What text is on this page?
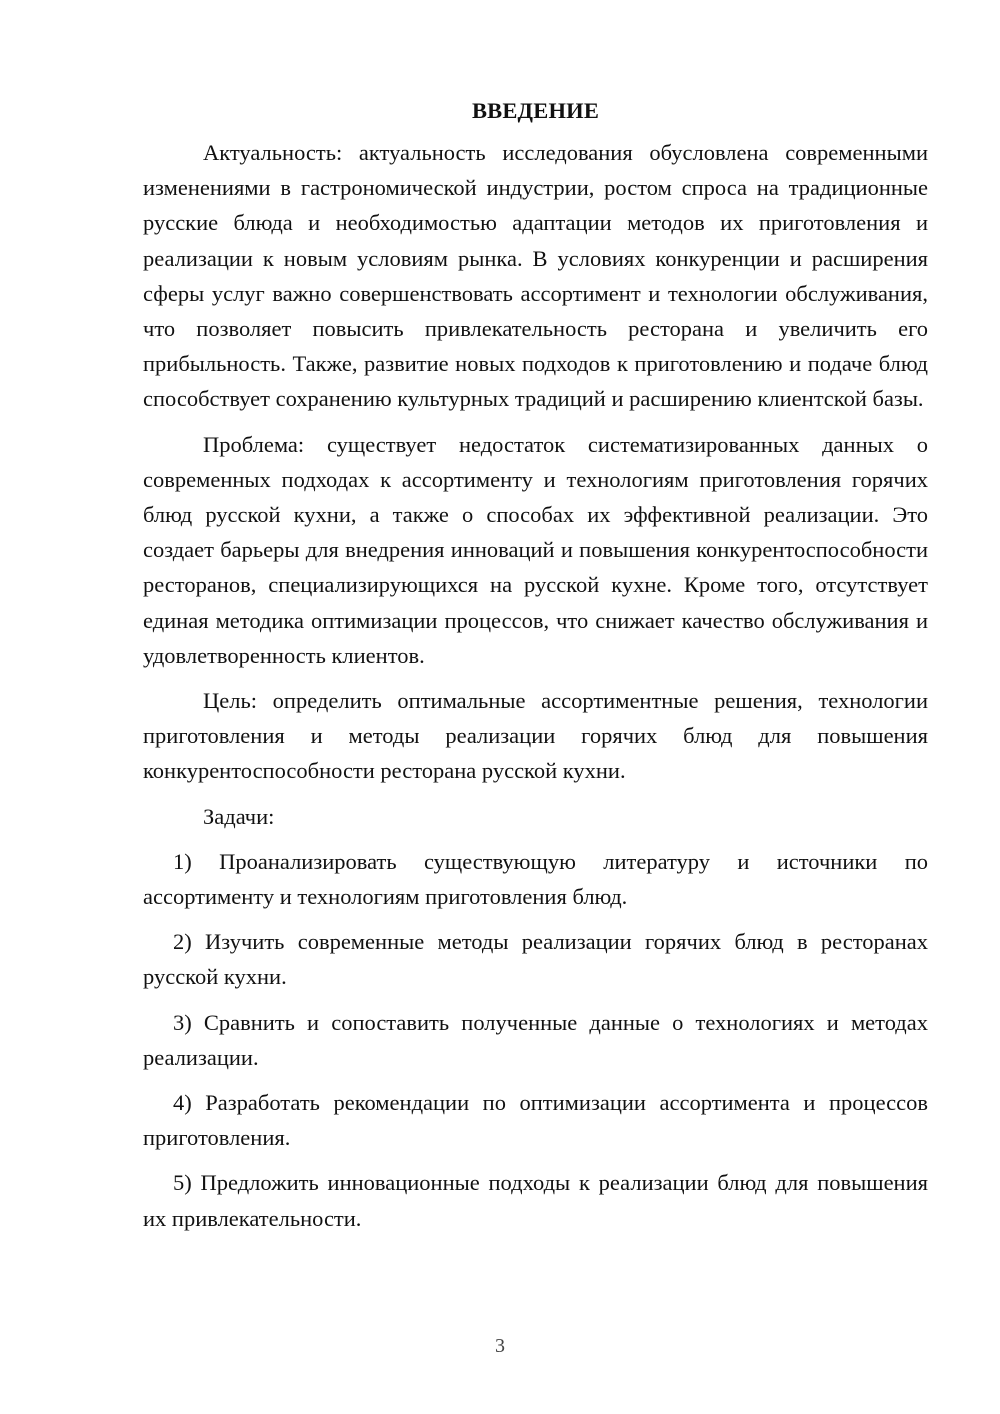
ВВЕДЕНИЕ

Актуальность: актуальность исследования обусловлена современными изменениями в гастрономической индустрии, ростом спроса на традиционные русские блюда и необходимостью адаптации методов их приготовления и реализации к новым условиям рынка. В условиях конкуренции и расширения сферы услуг важно совершенствовать ассортимент и технологии обслуживания, что позволяет повысить привлекательность ресторана и увеличить его прибыльность. Также, развитие новых подходов к приготовлению и подаче блюд способствует сохранению культурных традиций и расширению клиентской базы.

Проблема: существует недостаток систематизированных данных о современных подходах к ассортименту и технологиям приготовления горячих блюд русской кухни, а также о способах их эффективной реализации. Это создает барьеры для внедрения инноваций и повышения конкурентоспособности ресторанов, специализирующихся на русской кухне. Кроме того, отсутствует единая методика оптимизации процессов, что снижает качество обслуживания и удовлетворенность клиентов.

Цель: определить оптимальные ассортиментные решения, технологии приготовления и методы реализации горячих блюд для повышения конкурентоспособности ресторана русской кухни.

Задачи:

1) Проанализировать существующую литературу и источники по ассортименту и технологиям приготовления блюд.

2) Изучить современные методы реализации горячих блюд в ресторанах русской кухни.

3) Сравнить и сопоставить полученные данные о технологиях и методах реализации.

4) Разработать рекомендации по оптимизации ассортимента и процессов приготовления.

5) Предложить инновационные подходы к реализации блюд для повышения их привлекательности.

3
